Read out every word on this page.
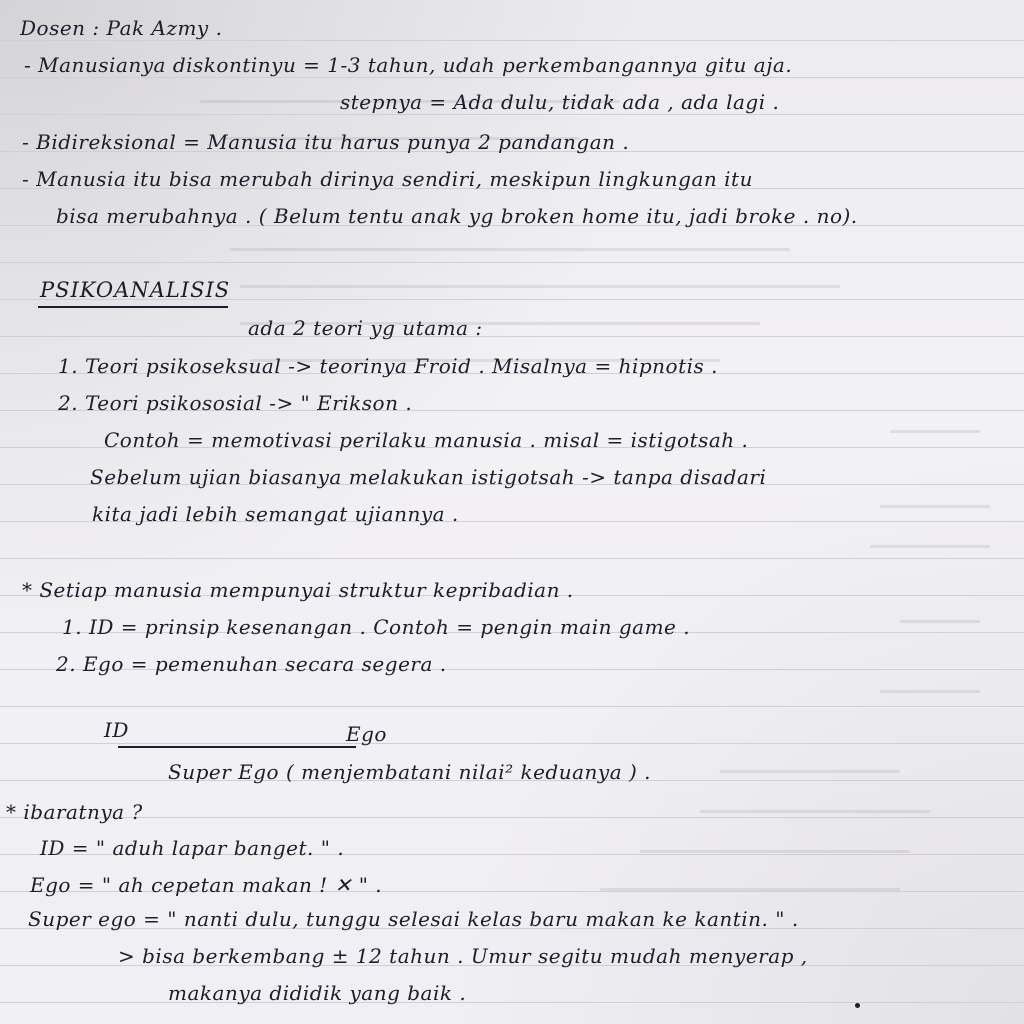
Dosen : Pak Azmy .
- Manusianya diskontinyu = 1-3 tahun, udah perkembangannya gitu aja.
stepnya = Ada dulu, tidak ada , ada lagi .
- Bidireksional = Manusia itu harus punya 2 pandangan .
- Manusia itu bisa merubah dirinya sendiri, meskipun lingkungan itu
bisa merubahnya . ( Belum tentu anak yg broken home itu, jadi broke . no).
PSIKOANALISIS
ada 2 teori yg utama :
1. Teori psikoseksual -> teorinya Froid . Misalnya = hipnotis .
2. Teori psikososial -> " Erikson .
Contoh = memotivasi perilaku manusia . misal = istigotsah .
Sebelum ujian biasanya melakukan istigotsah -> tanpa disadari
kita jadi lebih semangat ujiannya .
* Setiap manusia mempunyai struktur kepribadian .
1. ID = prinsip kesenangan . Contoh = pengin main game .
2. Ego = pemenuhan secara segera .
ID	Ego
Super Ego ( menjembatani nilai² keduanya ) .
* ibaratnya ?
ID = " aduh lapar banget. " .
Ego = " ah cepetan makan ! ✕ " .
Super ego = " nanti dulu, tunggu selesai kelas baru makan ke kantin. " .
> bisa berkembang ± 12 tahun . Umur segitu mudah menyerap ,
makanya dididik yang baik .
